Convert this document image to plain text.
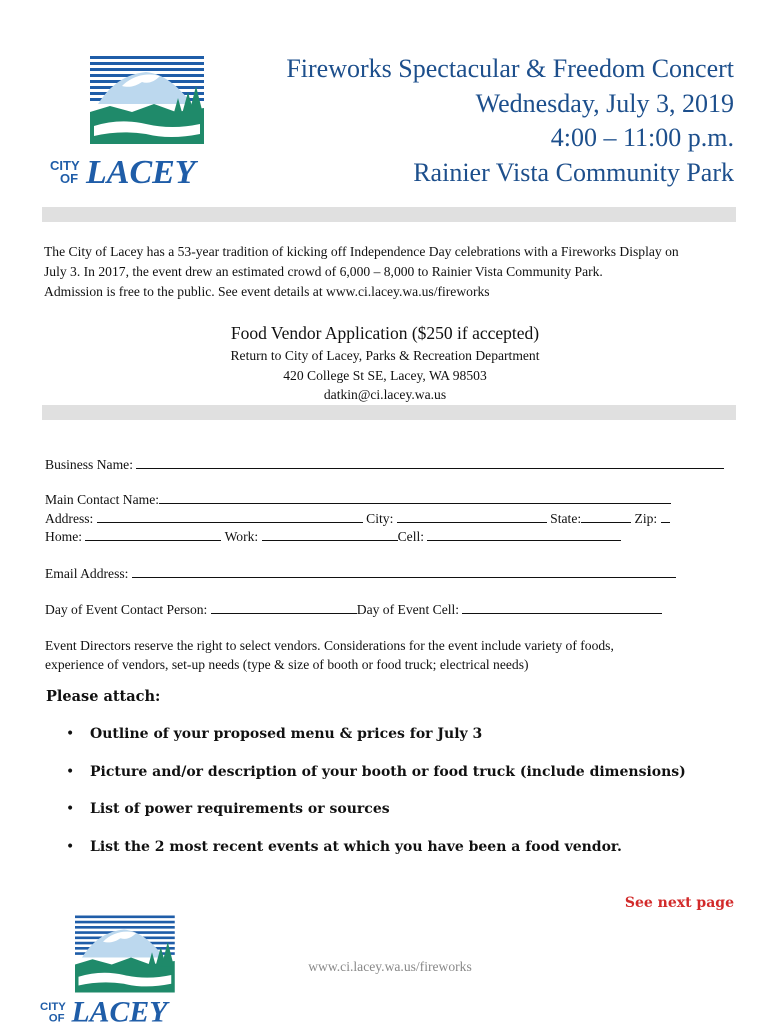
CITY
OF LACEY
Fireworks Spectacular & Freedom Concert
Wednesday, July 3, 2019
4:00 – 11:00 p.m.
Rainier Vista Community Park
The City of Lacey has a 53-year tradition of kicking off Independence Day celebrations with a Fireworks Display on
July 3. In 2017, the event drew an estimated crowd of 6,000 – 8,000 to Rainier Vista Community Park.
Admission is free to the public. See event details at www.ci.lacey.wa.us/fireworks
Food Vendor Application ($250 if accepted)
Return to City of Lacey, Parks & Recreation Department
420 College St SE, Lacey, WA 98503
datkin@ci.lacey.wa.us
Business Name:
Main Contact Name:
Address:	City:	State:	Zip:
Home:	Work:	Cell:
Email Address:
Day of Event Contact Person:	Day of Event Cell:
Event Directors reserve the right to select vendors. Considerations for the event include variety of foods,
experience of vendors, set-up needs (type & size of booth or food truck; electrical needs)
Please attach:
• Outline of your proposed menu & prices for July 3
• Picture and/or description of your booth or food truck (include dimensions)
• List of power requirements or sources
• List the 2 most recent events at which you have been a food vendor.
See next page
CITY
OF LACEY
www.ci.lacey.wa.us/fireworks
